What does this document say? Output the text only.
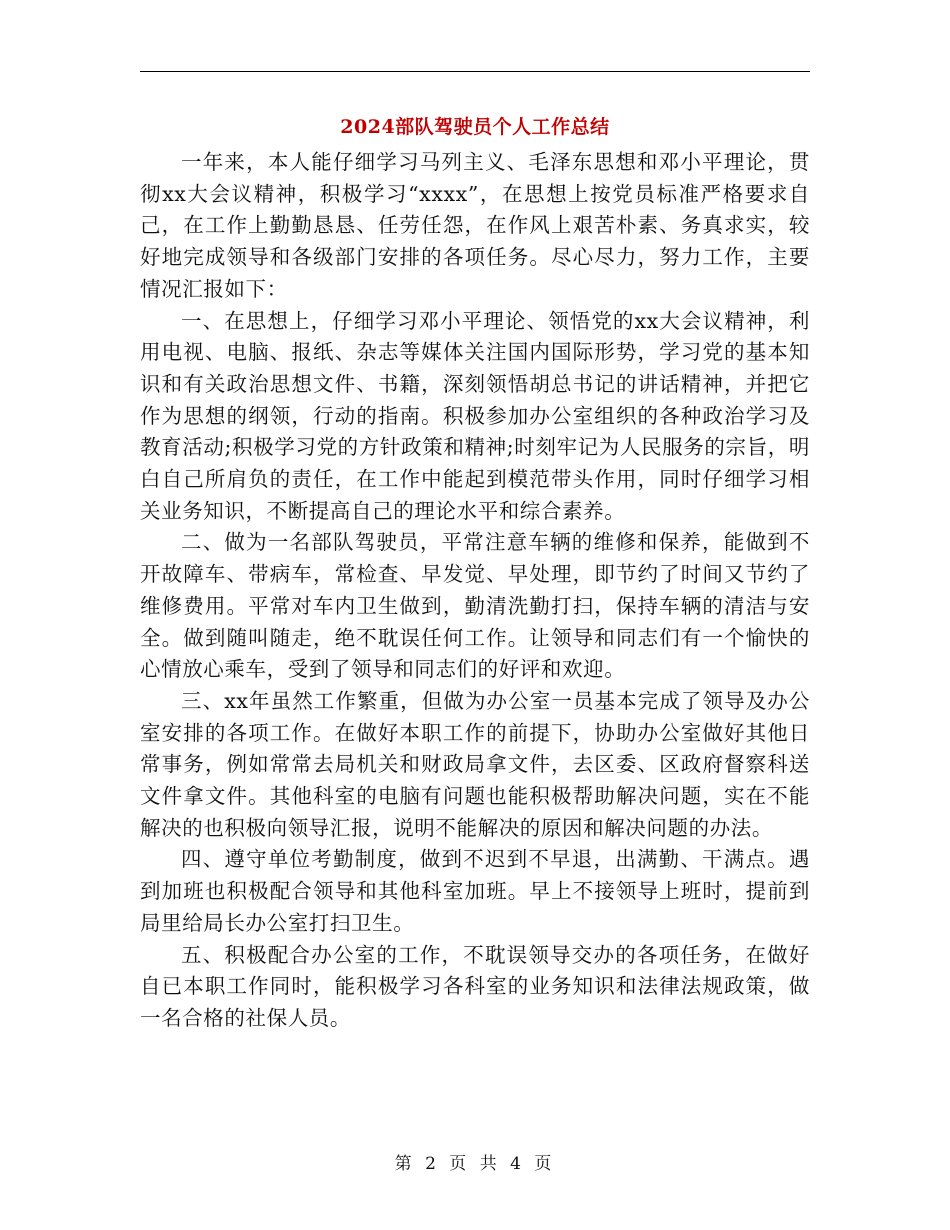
2024部队驾驶员个人工作总结

一年来，本人能仔细学习马列主义、毛泽东思想和邓小平理论，贯彻xx大会议精神，积极学习“xxxx”，在思想上按党员标准严格要求自己，在工作上勤勤恳恳、任劳任怨，在作风上艰苦朴素、务真求实，较好地完成领导和各级部门安排的各项任务。尽心尽力，努力工作，主要情况汇报如下：

一、在思想上，仔细学习邓小平理论、领悟党的xx大会议精神，利用电视、电脑、报纸、杂志等媒体关注国内国际形势，学习党的基本知识和有关政治思想文件、书籍，深刻领悟胡总书记的讲话精神，并把它作为思想的纲领，行动的指南。积极参加办公室组织的各种政治学习及教育活动;积极学习党的方针政策和精神;时刻牢记为人民服务的宗旨，明白自己所肩负的责任，在工作中能起到模范带头作用，同时仔细学习相关业务知识，不断提高自己的理论水平和综合素养。

二、做为一名部队驾驶员，平常注意车辆的维修和保养，能做到不开故障车、带病车，常检查、早发觉、早处理，即节约了时间又节约了维修费用。平常对车内卫生做到，勤清洗勤打扫，保持车辆的清洁与安全。做到随叫随走，绝不耽误任何工作。让领导和同志们有一个愉快的心情放心乘车，受到了领导和同志们的好评和欢迎。

三、xx年虽然工作繁重，但做为办公室一员基本完成了领导及办公室安排的各项工作。在做好本职工作的前提下，协助办公室做好其他日常事务，例如常常去局机关和财政局拿文件，去区委、区政府督察科送文件拿文件。其他科室的电脑有问题也能积极帮助解决问题，实在不能解决的也积极向领导汇报，说明不能解决的原因和解决问题的办法。

四、遵守单位考勤制度，做到不迟到不早退，出满勤、干满点。遇到加班也积极配合领导和其他科室加班。早上不接领导上班时，提前到局里给局长办公室打扫卫生。

五、积极配合办公室的工作，不耽误领导交办的各项任务，在做好自已本职工作同时，能积极学习各科室的业务知识和法律法规政策，做一名合格的社保人员。

第 2 页 共 4 页
